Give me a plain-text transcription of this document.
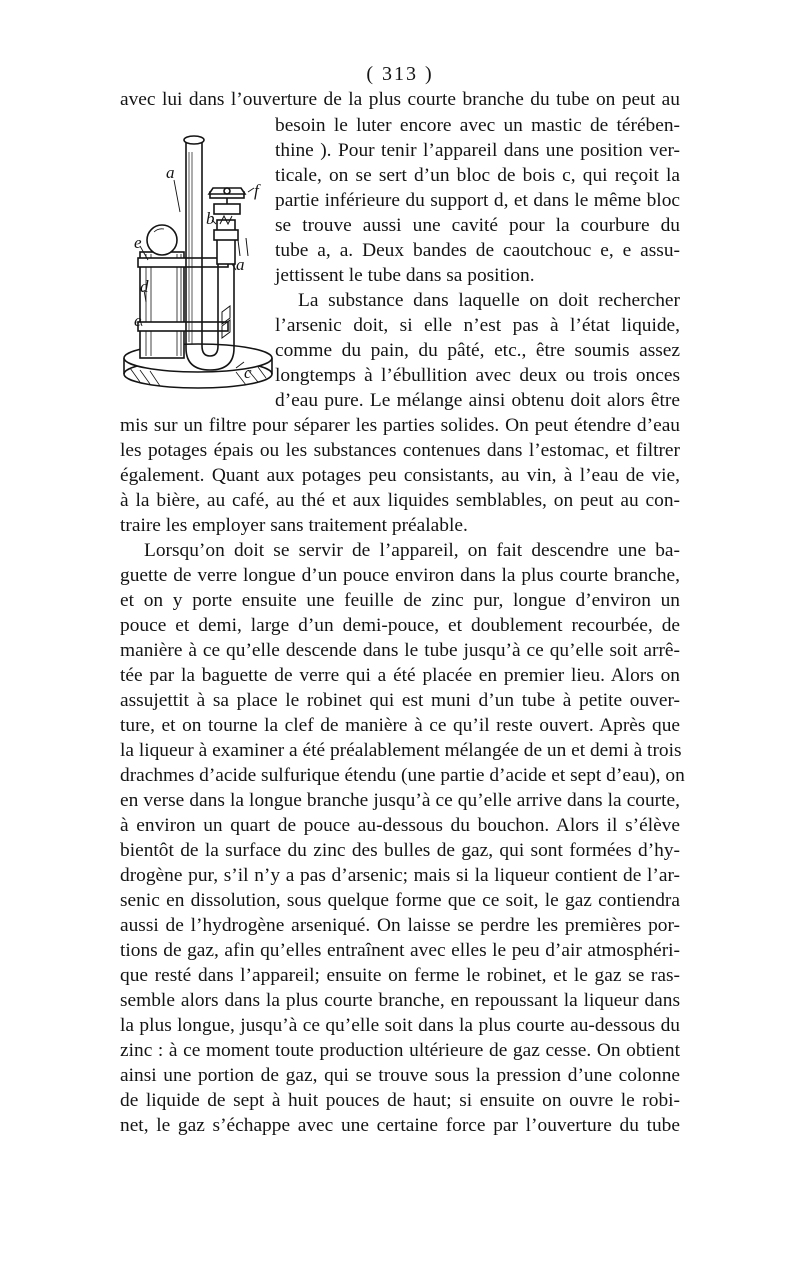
( 313 )
a
f
b
e
a
d
e
c
avec lui dans l’ouverture de la plus courte branche du tube on peut au
besoin le luter encore avec un mastic de térében-
thine ). Pour tenir l’appareil dans une position ver-
ticale, on se sert d’un bloc de bois c, qui reçoit la
partie inférieure du support d, et dans le même bloc
se trouve aussi une cavité pour la courbure du
tube a, a. Deux bandes de caoutchouc e, e assu-
jettissent le tube dans sa position.
La substance dans laquelle on doit rechercher
l’arsenic doit, si elle n’est pas à l’état liquide,
comme du pain, du pâté, etc., être soumis assez
longtemps à l’ébullition avec deux ou trois onces
d’eau pure. Le mélange ainsi obtenu doit alors être
mis sur un filtre pour séparer les parties solides. On peut étendre d’eau
les potages épais ou les substances contenues dans l’estomac, et filtrer
également. Quant aux potages peu consistants, au vin, à l’eau de vie,
à la bière, au café, au thé et aux liquides semblables, on peut au con-
traire les employer sans traitement préalable.
Lorsqu’on doit se servir de l’appareil, on fait descendre une ba-
guette de verre longue d’un pouce environ dans la plus courte branche,
et on y porte ensuite une feuille de zinc pur, longue d’environ un
pouce et demi, large d’un demi-pouce, et doublement recourbée, de
manière à ce qu’elle descende dans le tube jusqu’à ce qu’elle soit arrê-
tée par la baguette de verre qui a été placée en premier lieu. Alors on
assujettit à sa place le robinet qui est muni d’un tube à petite ouver-
ture, et on tourne la clef de manière à ce qu’il reste ouvert. Après que
la liqueur à examiner a été préalablement mélangée de un et demi à trois
drachmes d’acide sulfurique étendu (une partie d’acide et sept d’eau), on
en verse dans la longue branche jusqu’à ce qu’elle arrive dans la courte,
à environ un quart de pouce au-dessous du bouchon. Alors il s’élève
bientôt de la surface du zinc des bulles de gaz, qui sont formées d’hy-
drogène pur, s’il n’y a pas d’arsenic; mais si la liqueur contient de l’ar-
senic en dissolution, sous quelque forme que ce soit, le gaz contiendra
aussi de l’hydrogène arseniqué. On laisse se perdre les premières por-
tions de gaz, afin qu’elles entraînent avec elles le peu d’air atmosphéri-
que resté dans l’appareil; ensuite on ferme le robinet, et le gaz se ras-
semble alors dans la plus courte branche, en repoussant la liqueur dans
la plus longue, jusqu’à ce qu’elle soit dans la plus courte au-dessous du
zinc : à ce moment toute production ultérieure de gaz cesse. On obtient
ainsi une portion de gaz, qui se trouve sous la pression d’une colonne
de liquide de sept à huit pouces de haut; si ensuite on ouvre le robi-
net, le gaz s’échappe avec une certaine force par l’ouverture du tube
